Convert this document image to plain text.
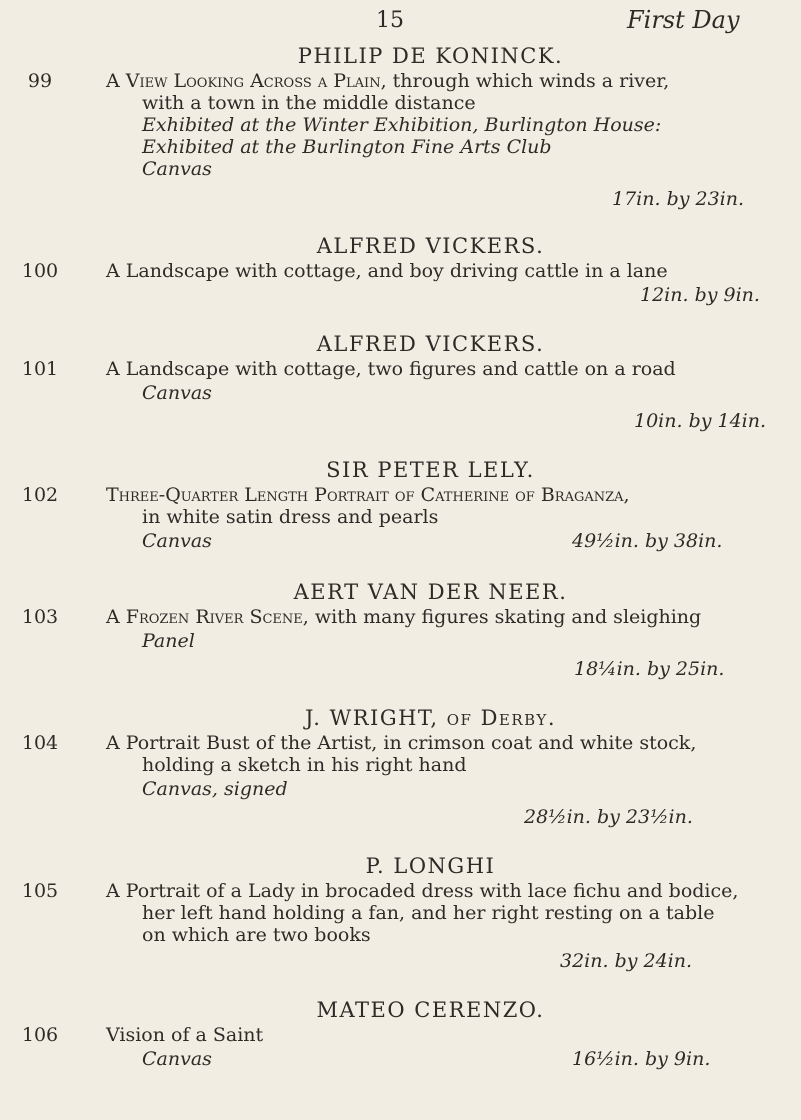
15	First Day
PHILIP DE KONINCK.
99	A View Looking Across a Plain, through which winds a river,
with a town in the middle distance
Exhibited at the Winter Exhibition, Burlington House:
Exhibited at the Burlington Fine Arts Club
Canvas
17in. by 23in.
ALFRED VICKERS.
100	A Landscape with cottage, and boy driving cattle in a lane
12in. by 9in.
ALFRED VICKERS.
101	A Landscape with cottage, two figures and cattle on a road
Canvas
10in. by 14in.
SIR PETER LELY.
102	Three-Quarter Length Portrait of Catherine of Braganza,
in white satin dress and pearls
Canvas	49½in. by 38in.
AERT VAN DER NEER.
103	A Frozen River Scene, with many figures skating and sleighing
Panel
18¼in. by 25in.
J. WRIGHT, of Derby.
104	A Portrait Bust of the Artist, in crimson coat and white stock,
holding a sketch in his right hand
Canvas, signed
28½in. by 23½in.
P. LONGHI
105	A Portrait of a Lady in brocaded dress with lace fichu and bodice,
her left hand holding a fan, and her right resting on a table
on which are two books
32in. by 24in.
MATEO CERENZO.
106	Vision of a Saint
Canvas	16½in. by 9in.
